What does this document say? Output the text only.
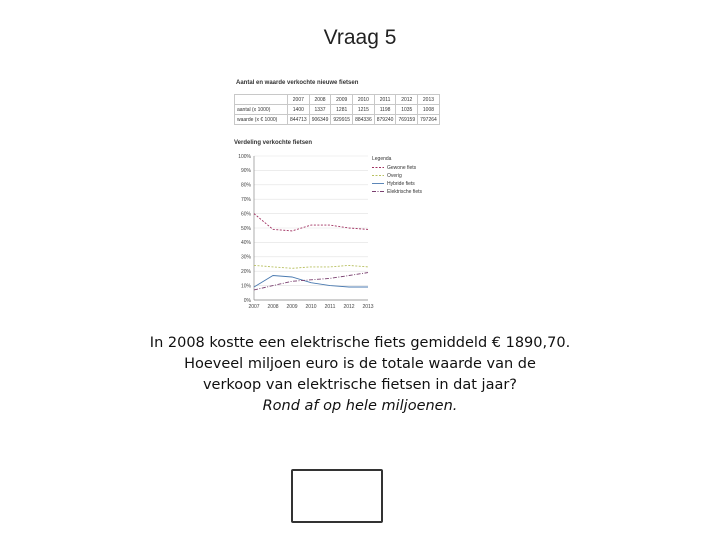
Vraag 5
Aantal en waarde verkochte nieuwe fietsen
	2007	2008	2009	2010	2011	2012	2013
aantal (x 1000)	1400	1337	1281	1215	1198	1035	1008
waarde (x € 1000)	844713	906349	929915	884336	879240	769159	797264
Verdeling verkochte fietsen
0%
10%
20%
30%
40%
50%
60%
70%
80%
90%
100%
2007 2008 2009 2010 2011 2012 2013
Legenda
Gewone fiets
Overig
Hybride fiets
Elektrische fiets
In 2008 kostte een elektrische fiets gemiddeld € 1890,70.
Hoeveel miljoen euro is de totale waarde van de
verkoop van elektrische fietsen in dat jaar?
Rond af op hele miljoenen.
